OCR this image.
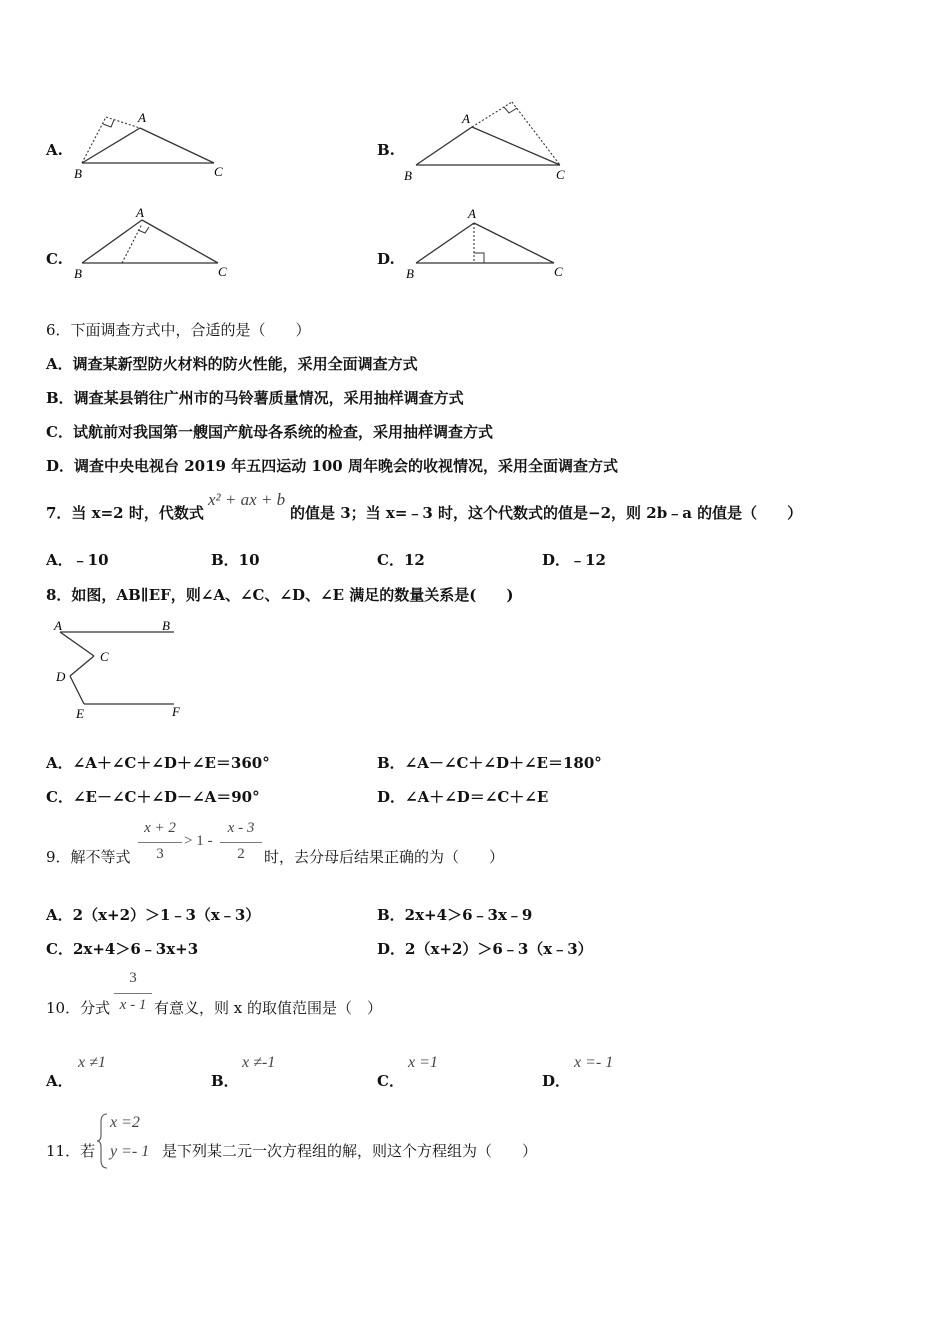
A.
A
B	C
B.
A
B	C
C.
A
B	C
D.
A
B	C
6．下面调查方式中，合适的是（　　）
A．调查某新型防火材料的防火性能，采用全面调查方式
B．调查某县销往广州市的马铃薯质量情况，采用抽样调查方式
C．试航前对我国第一艘国产航母各系统的检查，采用抽样调查方式
D．调查中央电视台 2019 年五四运动 100 周年晚会的收视情况，采用全面调查方式
7．当 x=2 时，代数式
x² + ax + b
的值是 3；当 x=﹣3 时，这个代数式的值是−2，则 2b﹣a 的值是（　　）
A．﹣10	B．10	C．12	D．﹣12
8．如图，AB∥EF，则∠A、∠C、∠D、∠E 满足的数量关系是(　　)
A	B
C
D
E	F
A．∠A＋∠C＋∠D＋∠E＝360°	B．∠A－∠C＋∠D＋∠E＝180°
C．∠E－∠C＋∠D－∠A＝90°	D．∠A＋∠D＝∠C＋∠E
9．解不等式
x + 2
3
> 1 -
x - 3
2	时，去分母后结果正确的为（　　）
A．2（x+2）＞1﹣3（x﹣3）	B．2x+4＞6﹣3x﹣9
C．2x+4＞6﹣3x+3	D．2（x+2）＞6﹣3（x﹣3）
10．分式
3
x - 1 有意义，则 x 的取值范围是（　）
A．
x ≠1
B．
x ≠-1
C．
x =1
D．
x =- 1
11．若
x =2
y =- 1 是下列某二元一次方程组的解，则这个方程组为（　　）
